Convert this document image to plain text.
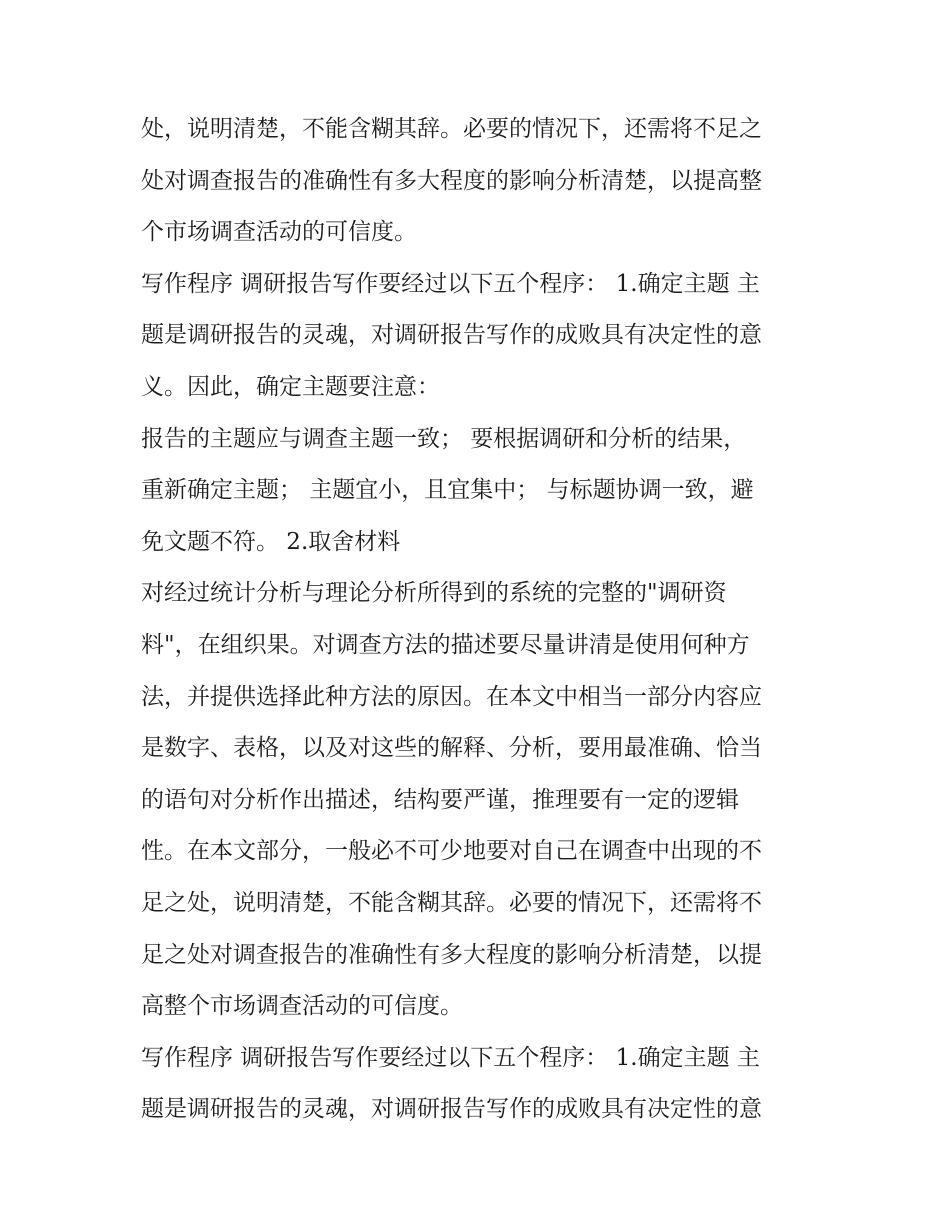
处，说明清楚，不能含糊其辞。必要的情况下，还需将不足之
处对调查报告的准确性有多大程度的影响分析清楚，以提高整
个市场调查活动的可信度。
写作程序 调研报告写作要经过以下五个程序： 1.确定主题 主
题是调研报告的灵魂，对调研报告写作的成败具有决定性的意
义。因此，确定主题要注意：
报告的主题应与调查主题一致； 要根据调研和分析的结果，
重新确定主题； 主题宜小，且宜集中； 与标题协调一致，避
免文题不符。 2.取舍材料
对经过统计分析与理论分析所得到的系统的完整的"调研资
料"，在组织果。对调查方法的描述要尽量讲清是使用何种方
法，并提供选择此种方法的原因。在本文中相当一部分内容应
是数字、表格，以及对这些的解释、分析，要用最准确、恰当
的语句对分析作出描述，结构要严谨，推理要有一定的逻辑
性。在本文部分，一般必不可少地要对自己在调查中出现的不
足之处，说明清楚，不能含糊其辞。必要的情况下，还需将不
足之处对调查报告的准确性有多大程度的影响分析清楚，以提
高整个市场调查活动的可信度。
写作程序 调研报告写作要经过以下五个程序： 1.确定主题 主
题是调研报告的灵魂，对调研报告写作的成败具有决定性的意
